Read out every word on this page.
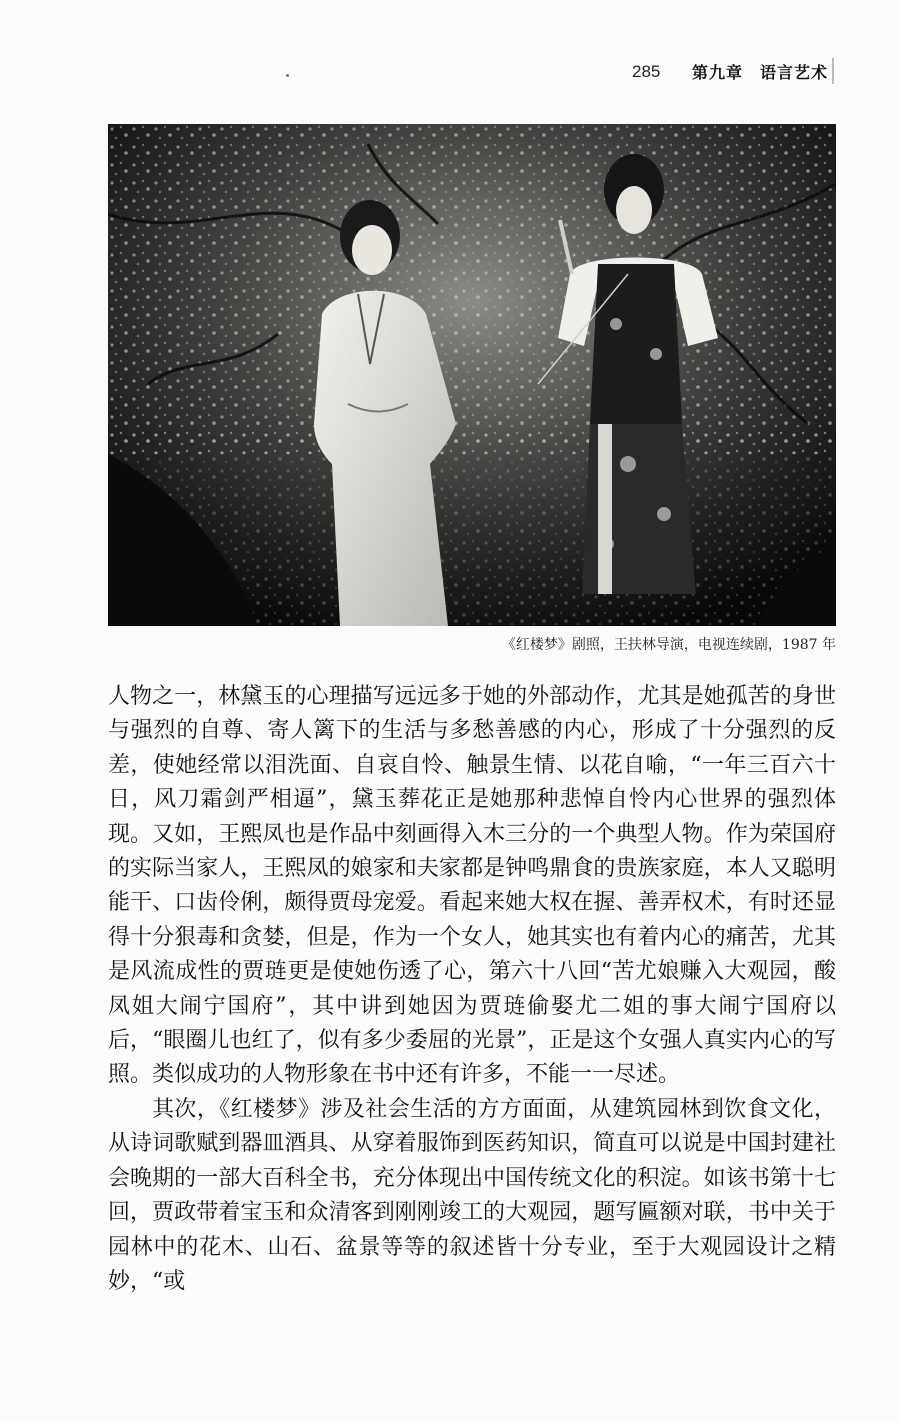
285 第九章　语言艺术
《红楼梦》剧照，王扶林导演，电视连续剧，1987 年

人物之一，林黛玉的心理描写远远多于她的外部动作，尤其是她孤苦的身世与强烈的自尊、寄人篱下的生活与多愁善感的内心，形成了十分强烈的反差，使她经常以泪洗面、自哀自怜、触景生情、以花自喻，“一年三百六十日，风刀霜剑严相逼”，黛玉葬花正是她那种悲悼自怜内心世界的强烈体现。又如，王熙凤也是作品中刻画得入木三分的一个典型人物。作为荣国府的实际当家人，王熙凤的娘家和夫家都是钟鸣鼎食的贵族家庭，本人又聪明能干、口齿伶俐，颇得贾母宠爱。看起来她大权在握、善弄权术，有时还显得十分狠毒和贪婪，但是，作为一个女人，她其实也有着内心的痛苦，尤其是风流成性的贾琏更是使她伤透了心，第六十八回“苦尤娘赚入大观园，酸凤姐大闹宁国府”，其中讲到她因为贾琏偷娶尤二姐的事大闹宁国府以后，“眼圈儿也红了，似有多少委屈的光景”，正是这个女强人真实内心的写照。类似成功的人物形象在书中还有许多，不能一一尽述。

其次，《红楼梦》涉及社会生活的方方面面，从建筑园林到饮食文化，从诗词歌赋到器皿酒具、从穿着服饰到医药知识，简直可以说是中国封建社会晚期的一部大百科全书，充分体现出中国传统文化的积淀。如该书第十七回，贾政带着宝玉和众清客到刚刚竣工的大观园，题写匾额对联，书中关于园林中的花木、山石、盆景等等的叙述皆十分专业，至于大观园设计之精妙，“或
